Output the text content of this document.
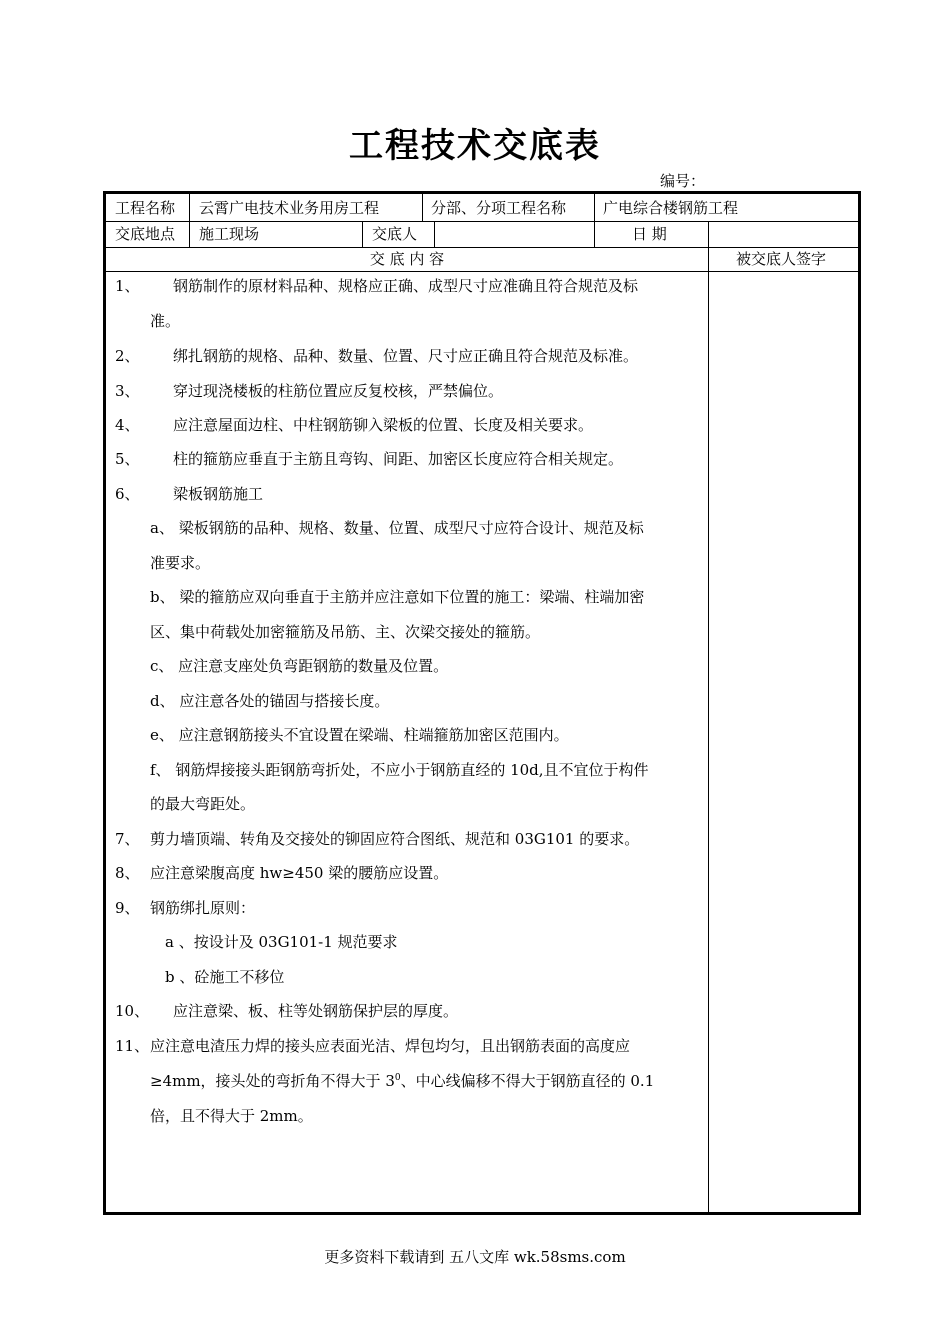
工程技术交底表
编号：
工程名称 云霄广电技术业务用房工程	分部、分项工程名称 广电综合楼钢筋工程
交底地点 施工现场	交底人	日 期
交 底 内 容	被交底人签字
1、 钢筋制作的原材料品种、规格应正确、成型尺寸应准确且符合规范及标
准。
2、 绑扎钢筋的规格、品种、数量、位置、尺寸应正确且符合规范及标准。
3、 穿过现浇楼板的柱筋位置应反复校核，严禁偏位。
4、 应注意屋面边柱、中柱钢筋铆入梁板的位置、长度及相关要求。
5、 柱的箍筋应垂直于主筋且弯钩、间距、加密区长度应符合相关规定。
6、 梁板钢筋施工
a、 梁板钢筋的品种、规格、数量、位置、成型尺寸应符合设计、规范及标
准要求。
b、 梁的箍筋应双向垂直于主筋并应注意如下位置的施工：梁端、柱端加密
区、集中荷载处加密箍筋及吊筋、主、次梁交接处的箍筋。
c、 应注意支座处负弯距钢筋的数量及位置。
d、 应注意各处的锚固与搭接长度。
e、 应注意钢筋接头不宜设置在梁端、柱端箍筋加密区范围内。
f、 钢筋焊接接头距钢筋弯折处，不应小于钢筋直经的 10d,且不宜位于构件
的最大弯距处。
7、 剪力墙顶端、转角及交接处的铆固应符合图纸、规范和 03G101 的要求。
8、 应注意梁腹高度 hw≥450 梁的腰筋应设置。
9、 钢筋绑扎原则：
a 、按设计及 03G101-1 规范要求
b 、砼施工不移位
10、 应注意梁、板、柱等处钢筋保护层的厚度。
11、 应注意电渣压力焊的接头应表面光洁、焊包均匀，且出钢筋表面的高度应
≥4mm，接头处的弯折角不得大于 $3^0$、中心线偏移不得大于钢筋直径的 0.1
倍，且不得大于 2mm。
更多资料下载请到 五八文库 wk.58sms.com
